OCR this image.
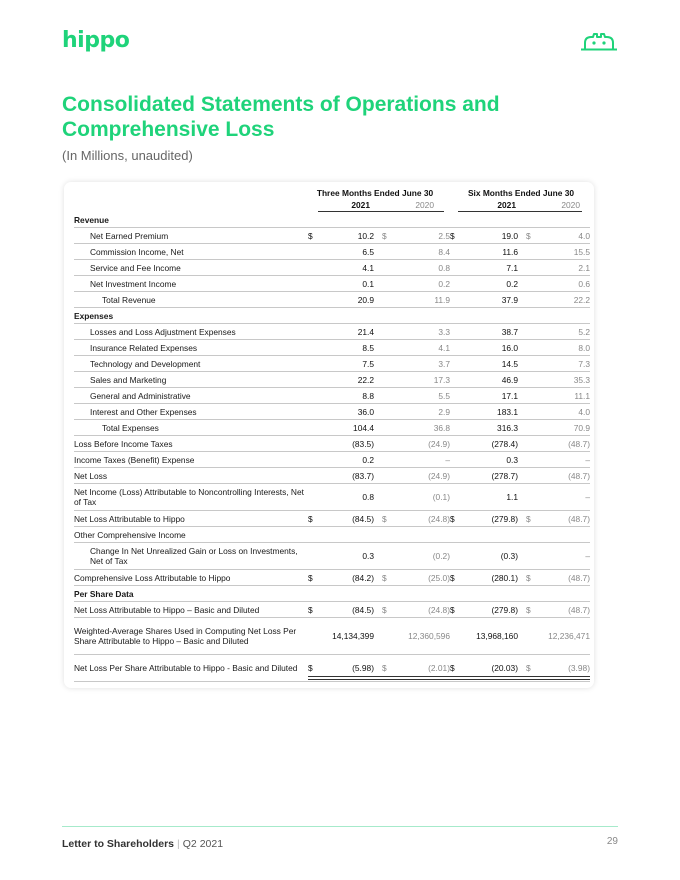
hippo
Consolidated Statements of Operations and Comprehensive Loss
(In Millions, unaudited)
Three Months Ended June 30	Six Months Ended June 30
2021	2020	2021	2020
Revenue								
Net Earned Premium	$	10.2	$	2.5	$	19.0	$	4.0
Commission Income, Net		6.5		8.4		11.6		15.5
Service and Fee Income		4.1		0.8		7.1		2.1
Net Investment Income		0.1		0.2		0.2		0.6
Total Revenue		20.9		11.9		37.9		22.2
Expenses								
Losses and Loss Adjustment Expenses		21.4		3.3		38.7		5.2
Insurance Related Expenses		8.5		4.1		16.0		8.0
Technology and Development		7.5		3.7		14.5		7.3
Sales and Marketing		22.2		17.3		46.9		35.3
General and Administrative		8.8		5.5		17.1		11.1
Interest and Other Expenses		36.0		2.9		183.1		4.0
Total Expenses		104.4		36.8		316.3		70.9
Loss Before Income Taxes		(83.5)		(24.9)		(278.4)		(48.7)
Income Taxes (Benefit) Expense		0.2		–		0.3		–
Net Loss		(83.7)		(24.9)		(278.7)		(48.7)
Net Income (Loss) Attributable to Noncontrolling Interests, Net of Tax		0.8		(0.1)		1.1		–
Net Loss Attributable to Hippo	$	(84.5)	$	(24.8)	$	(279.8)	$	(48.7)
Other Comprehensive Income								
Change In Net Unrealized Gain or Loss on Investments, Net of Tax		0.3		(0.2)		(0.3)		–
Comprehensive Loss Attributable to Hippo	$	(84.2)	$	(25.0)	$	(280.1)	$	(48.7)
Per Share Data								
Net Loss Attributable to Hippo – Basic and Diluted	$	(84.5)	$	(24.8)	$	(279.8)	$	(48.7)
Weighted-Average Shares Used in Computing Net Loss Per Share Attributable to Hippo – Basic and Diluted		14,134,399		12,360,596		13,968,160		12,236,471
Net Loss Per Share Attributable to Hippo - Basic and Diluted	$	(5.98)	$	(2.01)	$	(20.03)	$	(3.98)
Letter to Shareholders | Q2 2021	29
